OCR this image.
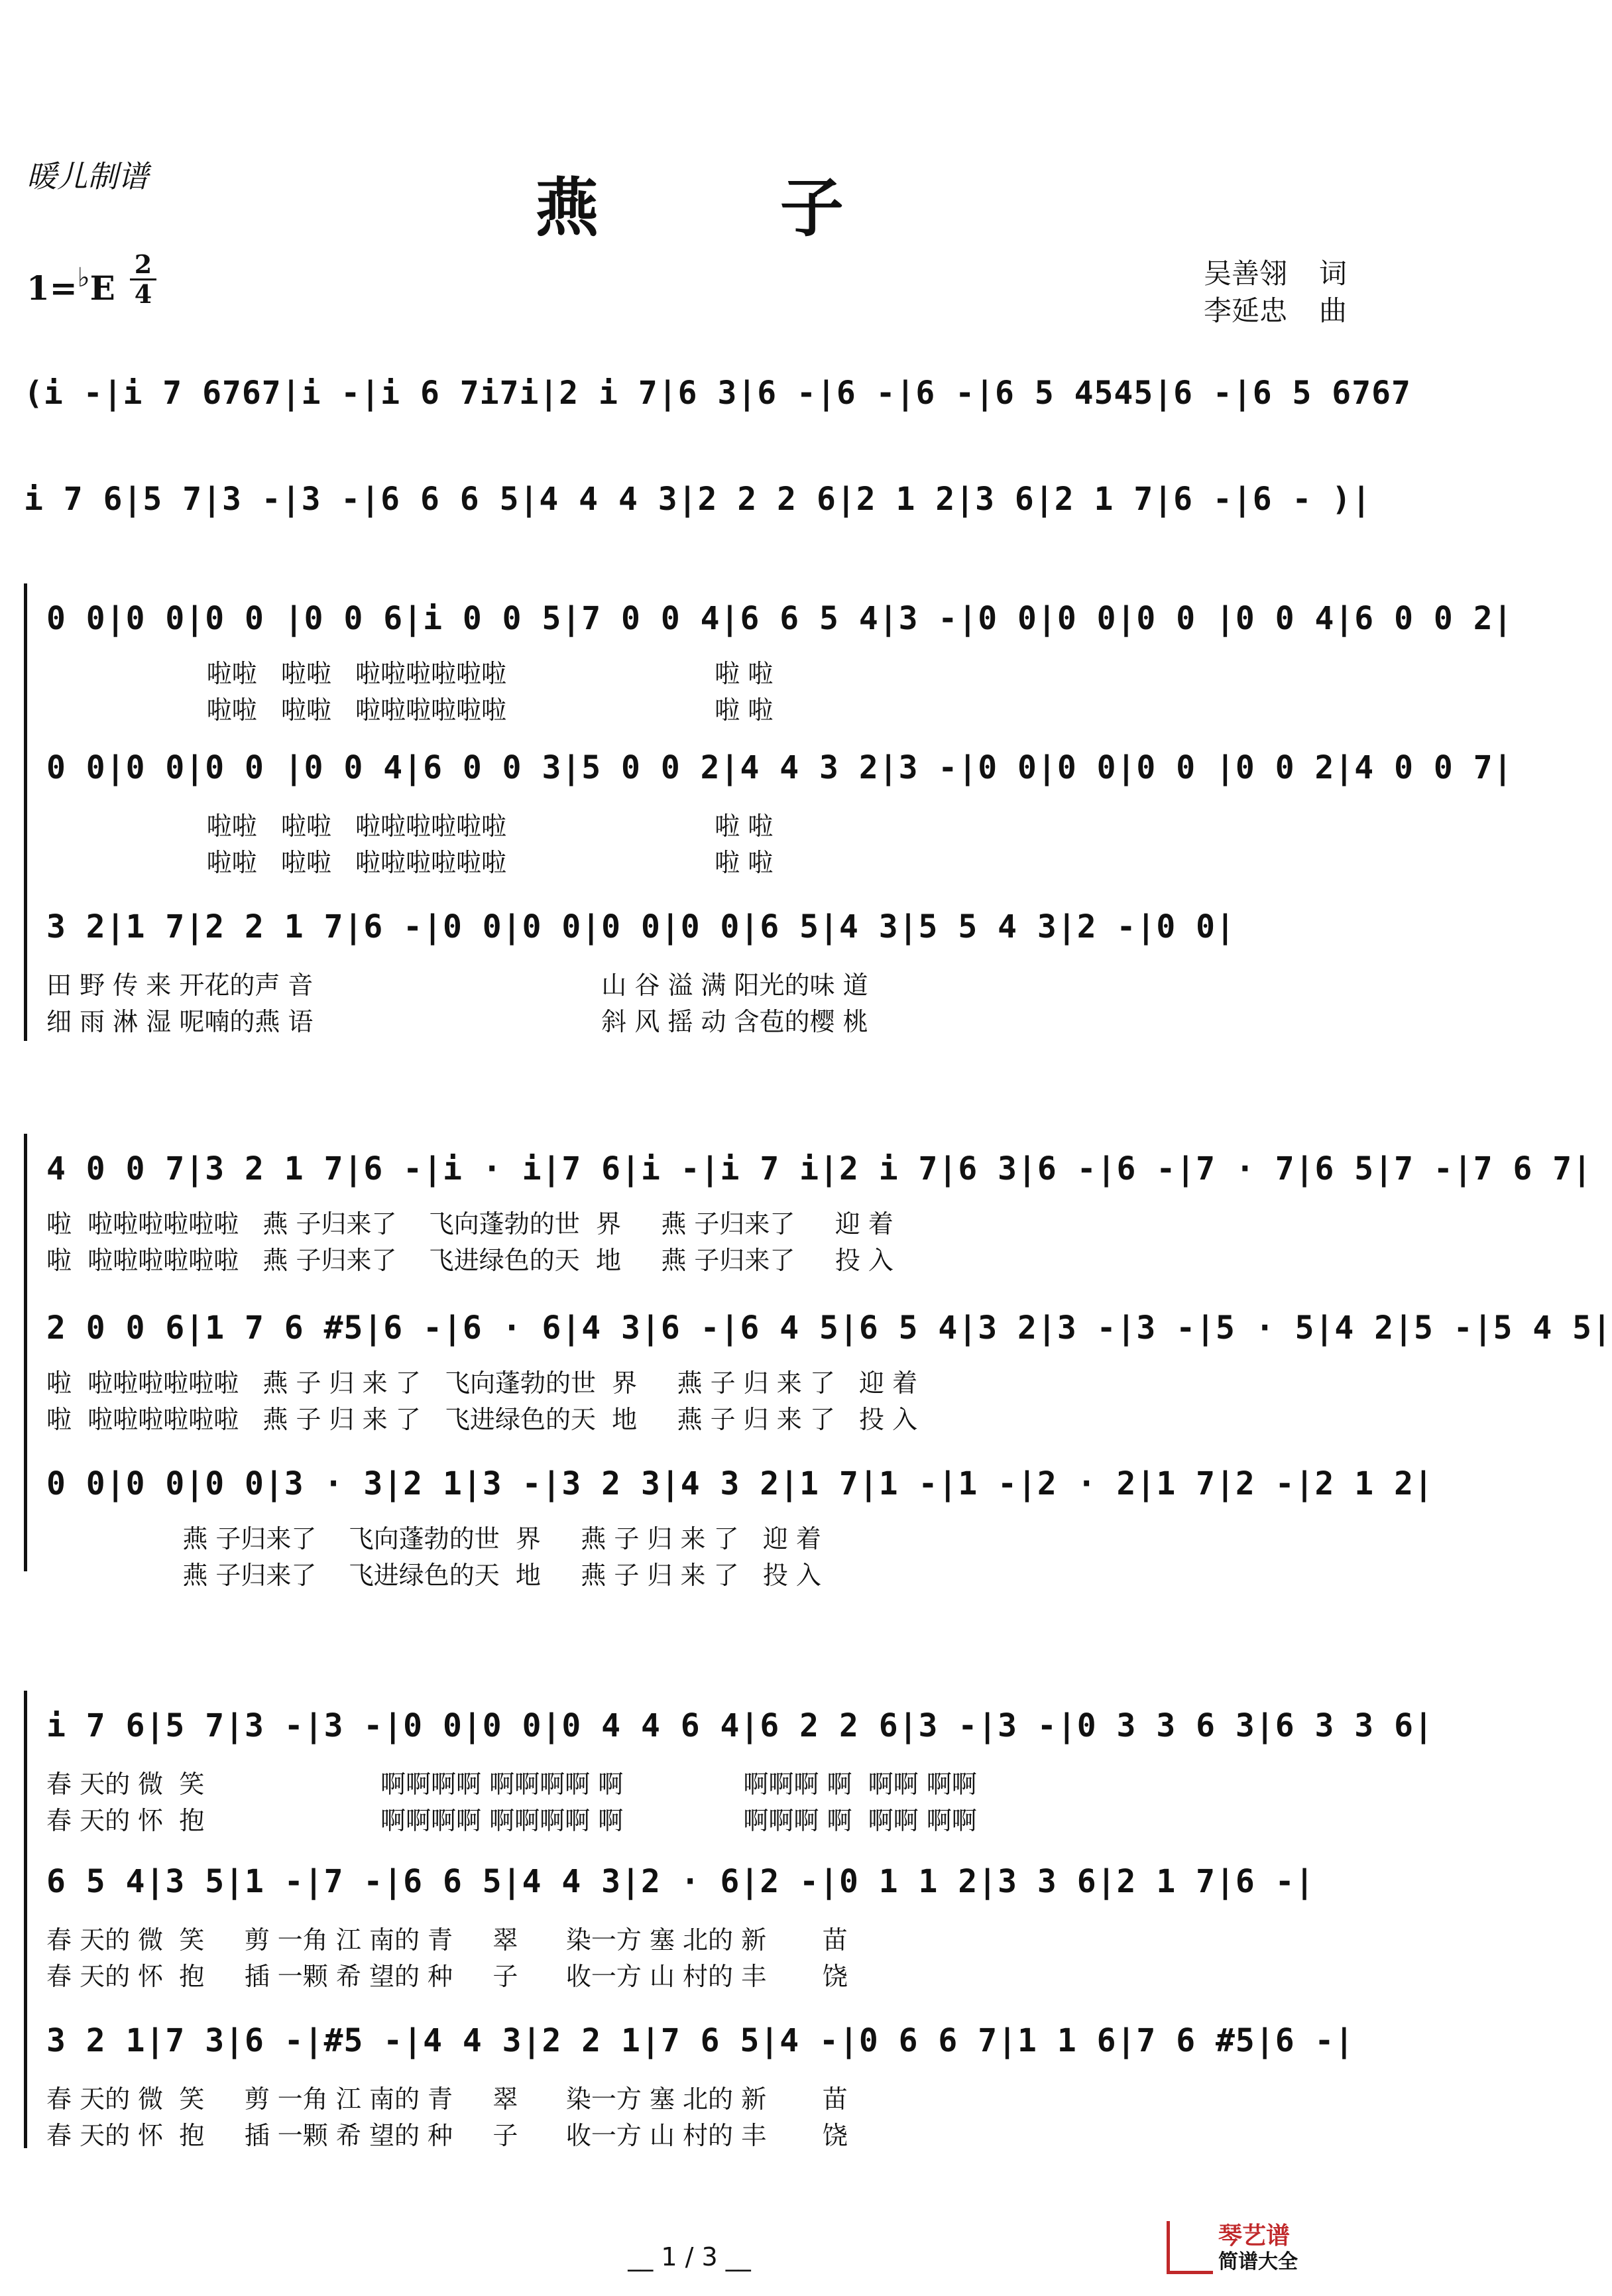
暖儿制谱	燕 子
1=♭E
2
4
吴善翎 词
李延忠 曲
(i -|i 7 6767|i -|i 6 7i7i|2 i 7|6 3|6 -|6 -|6 -|6 5 4545|6 -|6 5 6767
i 7 6|5 7|3 -|3 -|6 6 6 5|4 4 4 3|2 2 2 6|2 1 2|3 6|2 1 7|6 -|6 - )|
0 0|0 0|0 0 |0 0 6|i 0 0 5|7 0 0 4|6 6 5 4|3 -|0 0|0 0|0 0 |0 0 4|6 0 0 2|
啦啦   啦啦   啦啦啦啦啦啦                          啦 啦
啦啦   啦啦   啦啦啦啦啦啦                          啦 啦
0 0|0 0|0 0 |0 0 4|6 0 0 3|5 0 0 2|4 4 3 2|3 -|0 0|0 0|0 0 |0 0 2|4 0 0 7|
啦啦   啦啦   啦啦啦啦啦啦                          啦 啦
啦啦   啦啦   啦啦啦啦啦啦                          啦 啦
3 2|1 7|2 2 1 7|6 -|0 0|0 0|0 0|0 0|6 5|4 3|5 5 4 3|2 -|0 0|
田 野 传 来 开花的声 音                                    山 谷 溢 满 阳光的味 道
细 雨 淋 湿 呢喃的燕 语                                    斜 风 摇 动 含苞的樱 桃
4 0 0 7|3 2 1 7|6 -|i · i|7 6|i -|i 7 i|2 i 7|6 3|6 -|6 -|7 · 7|6 5|7 -|7 6 7|
啦  啦啦啦啦啦啦   燕 子归来了    飞向蓬勃的世  界     燕 子归来了     迎 着
啦  啦啦啦啦啦啦   燕 子归来了    飞进绿色的天  地     燕 子归来了     投 入
2 0 0 6|1 7 6 #5|6 -|6 · 6|4 3|6 -|6 4 5|6 5 4|3 2|3 -|3 -|5 · 5|4 2|5 -|5 4 5|
啦  啦啦啦啦啦啦   燕 子 归 来 了   飞向蓬勃的世  界     燕 子 归 来 了   迎 着
啦  啦啦啦啦啦啦   燕 子 归 来 了   飞进绿色的天  地     燕 子 归 来 了   投 入
0 0|0 0|0 0|3 · 3|2 1|3 -|3 2 3|4 3 2|1 7|1 -|1 -|2 · 2|1 7|2 -|2 1 2|
燕 子归来了    飞向蓬勃的世  界     燕 子 归 来 了   迎 着
燕 子归来了    飞进绿色的天  地     燕 子 归 来 了   投 入
i 7 6|5 7|3 -|3 -|0 0|0 0|0 4 4 6 4|6 2 2 6|3 -|3 -|0 3 3 6 3|6 3 3 6|
春 天的 微  笑                      啊啊啊啊 啊啊啊啊 啊               啊啊啊 啊  啊啊 啊啊
春 天的 怀  抱                      啊啊啊啊 啊啊啊啊 啊               啊啊啊 啊  啊啊 啊啊
6 5 4|3 5|1 -|7 -|6 6 5|4 4 3|2 · 6|2 -|0 1 1 2|3 3 6|2 1 7|6 -|
春 天的 微  笑     剪 一角 江 南的 青     翠      染一方 塞 北的 新       苗
春 天的 怀  抱     插 一颗 希 望的 种     子      收一方 山 村的 丰       饶
3 2 1|7 3|6 -|#5 -|4 4 3|2 2 1|7 6 5|4 -|0 6 6 7|1 1 6|7 6 #5|6 -|
春 天的 微  笑     剪 一角 江 南的 青     翠      染一方 塞 北的 新       苗
春 天的 怀  抱     插 一颗 希 望的 种     子      收一方 山 村的 丰       饶
__ 1 / 3 __
琴艺谱
简谱大全
